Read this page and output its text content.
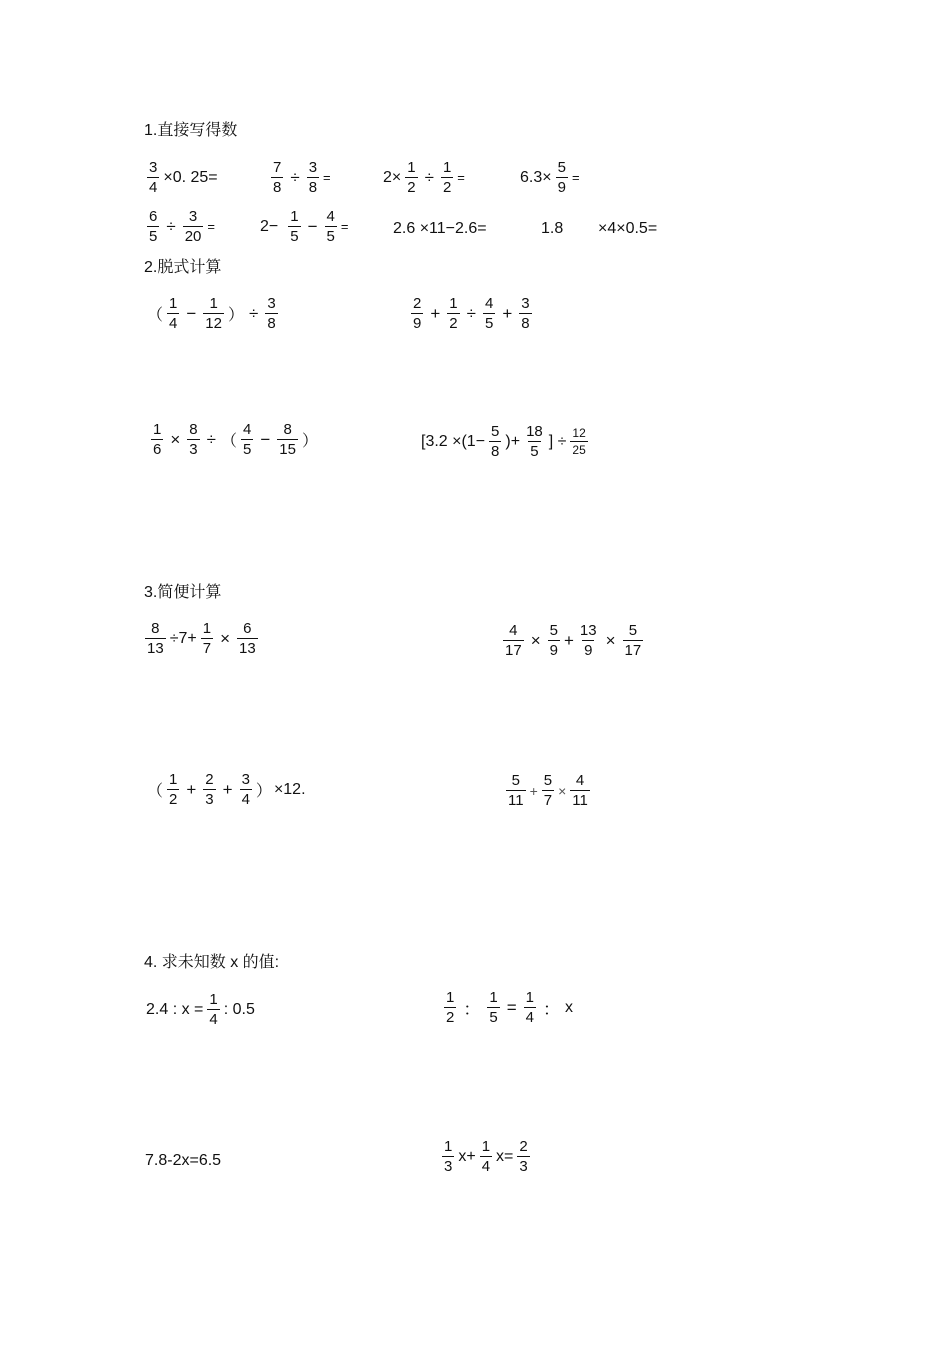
1.直接写得数
$\frac{3}{4} \times 0$. 25=	$\frac{7}{8} \div \frac{3}{8}$ =	$2\times \frac{1}{2} \div \frac{1}{2}$ =	$6.3\times \frac{5}{9}$ =
$\frac{6}{5} \div \frac{3}{20}$ =	$2- \frac{1}{5} - \frac{4}{5}$ =	2.6 ×11−2.6=	1.8 ×4×0.5=
2.脱式计算
（ $\frac{1}{4} - \frac{1}{12}$ ） ÷ $\frac{3}{8}$	$\frac{2}{9} + \frac{1}{2} \div \frac{4}{5} + \frac{3}{8}$
$\frac{1}{6} \times \frac{8}{3}$ ÷ （ $\frac{4}{5} - \frac{8}{15}$ ）	[$3.2 \times(1- \frac{5}{8}$ )+ $\frac{18}{5}$ ] ÷ $\frac{12}{25}$
3.简便计算
$\frac{8}{13} \div 7+ \frac{1}{7} \times \frac{6}{13}$	$\frac{4}{17} \times \frac{5}{9} + \frac{13}{9} \times \frac{5}{17}$
（ $\frac{1}{2} + \frac{2}{3} + \frac{3}{4}$ ） ×12.	$\frac{5}{11} + \frac{5}{7} \times \frac{4}{11}$
4. 求未知数 x 的值:
2.4 : $x = \frac{1}{4}$ : 0.5	$\frac{1}{2}$ ： $\frac{1}{5} = \frac{1}{4}$ ： x
7.8-2x=6.5	$\frac{1}{3} x+ \frac{1}{4} x= \frac{2}{3}$
